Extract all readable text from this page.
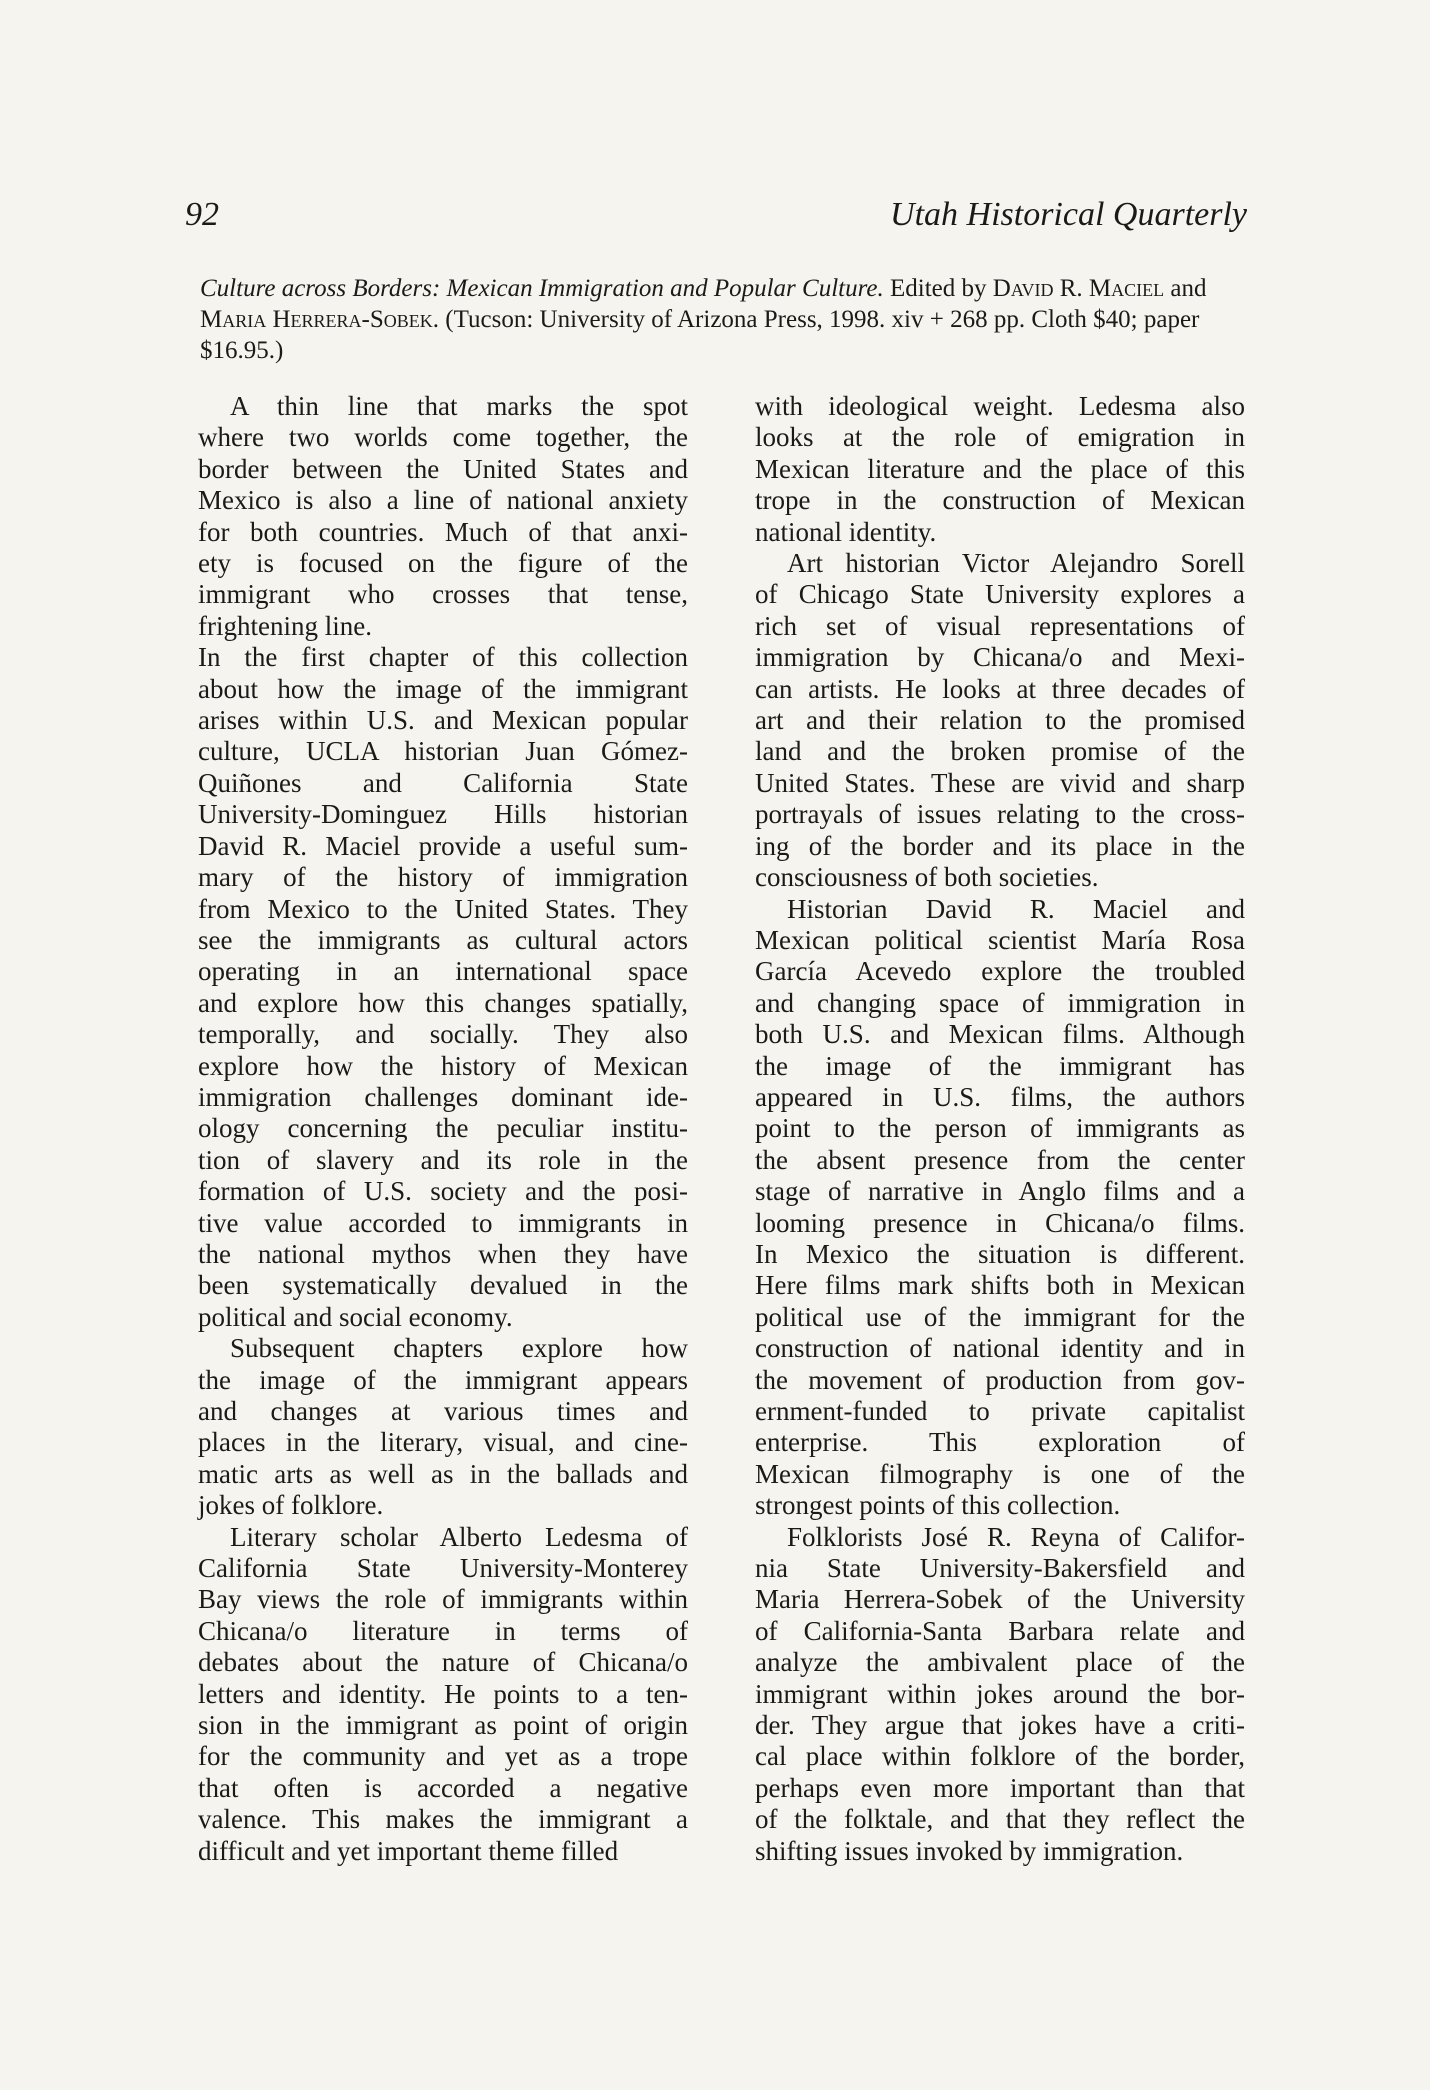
92	Utah Historical Quarterly
Culture across Borders: Mexican Immigration and Popular Culture. Edited by David R. Maciel and Maria Herrera-Sobek. (Tucson: University of Arizona Press, 1998. xiv + 268 pp. Cloth $40; paper $16.95.)
A thin line that marks the spot
where two worlds come together, the
border between the United States and
Mexico is also a line of national anxiety
for both countries. Much of that anxi-
ety is focused on the figure of the
immigrant who crosses that tense,
frightening line.
In the first chapter of this collection
about how the image of the immigrant
arises within U.S. and Mexican popular
culture, UCLA historian Juan Gómez-
Quiñones and California State
University-Dominguez Hills historian
David R. Maciel provide a useful sum-
mary of the history of immigration
from Mexico to the United States. They
see the immigrants as cultural actors
operating in an international space
and explore how this changes spatially,
temporally, and socially. They also
explore how the history of Mexican
immigration challenges dominant ide-
ology concerning the peculiar institu-
tion of slavery and its role in the
formation of U.S. society and the posi-
tive value accorded to immigrants in
the national mythos when they have
been systematically devalued in the
political and social economy.
Subsequent chapters explore how
the image of the immigrant appears
and changes at various times and
places in the literary, visual, and cine-
matic arts as well as in the ballads and
jokes of folklore.
Literary scholar Alberto Ledesma of
California State University-Monterey
Bay views the role of immigrants within
Chicana/o literature in terms of
debates about the nature of Chicana/o
letters and identity. He points to a ten-
sion in the immigrant as point of origin
for the community and yet as a trope
that often is accorded a negative
valence. This makes the immigrant a
difficult and yet important theme filled
with ideological weight. Ledesma also
looks at the role of emigration in
Mexican literature and the place of this
trope in the construction of Mexican
national identity.
Art historian Victor Alejandro Sorell
of Chicago State University explores a
rich set of visual representations of
immigration by Chicana/o and Mexi-
can artists. He looks at three decades of
art and their relation to the promised
land and the broken promise of the
United States. These are vivid and sharp
portrayals of issues relating to the cross-
ing of the border and its place in the
consciousness of both societies.
Historian David R. Maciel and
Mexican political scientist María Rosa
García Acevedo explore the troubled
and changing space of immigration in
both U.S. and Mexican films. Although
the image of the immigrant has
appeared in U.S. films, the authors
point to the person of immigrants as
the absent presence from the center
stage of narrative in Anglo films and a
looming presence in Chicana/o films.
In Mexico the situation is different.
Here films mark shifts both in Mexican
political use of the immigrant for the
construction of national identity and in
the movement of production from gov-
ernment-funded to private capitalist
enterprise. This exploration of
Mexican filmography is one of the
strongest points of this collection.
Folklorists José R. Reyna of Califor-
nia State University-Bakersfield and
Maria Herrera-Sobek of the University
of California-Santa Barbara relate and
analyze the ambivalent place of the
immigrant within jokes around the bor-
der. They argue that jokes have a criti-
cal place within folklore of the border,
perhaps even more important than that
of the folktale, and that they reflect the
shifting issues invoked by immigration.
